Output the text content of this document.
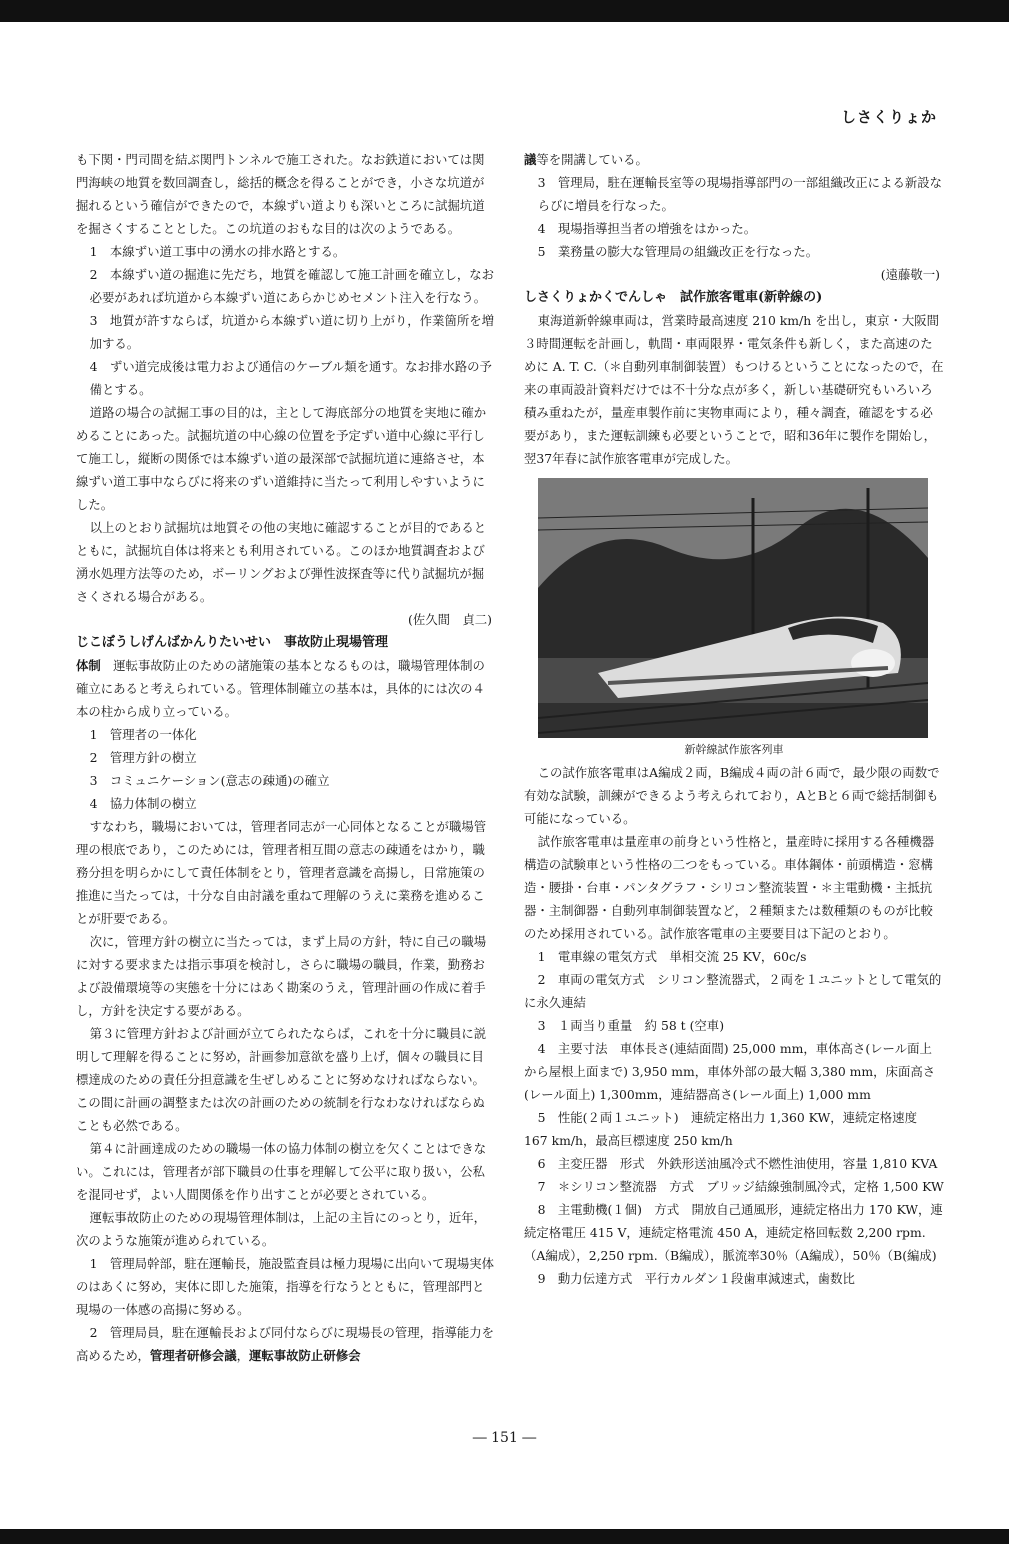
しさくりょか

も下関・門司間を結ぶ関門トンネルで施工された。なお鉄道においては関門海峡の地質を数回調査し，総括的概念を得ることができ，小さな坑道が掘れるという確信ができたので，本線ずい道よりも深いところに試掘坑道を掘さくすることとした。この坑道のおもな目的は次のようである。

1　本線ずい道工事中の湧水の排水路とする。

2　本線ずい道の掘進に先だち，地質を確認して施工計画を確立し，なお必要があれば坑道から本線ずい道にあらかじめセメント注入を行なう。

3　地質が許すならば，坑道から本線ずい道に切り上がり，作業箇所を増加する。

4　ずい道完成後は電力および通信のケーブル類を通す。なお排水路の予備とする。

道路の場合の試掘工事の目的は，主として海底部分の地質を実地に確かめることにあった。試掘坑道の中心線の位置を予定ずい道中心線に平行して施工し，縦断の関係では本線ずい道の最深部で試掘坑道に連絡させ，本線ずい道工事中ならびに将来のずい道維持に当たって利用しやすいようにした。

以上のとおり試掘坑は地質その他の実地に確認することが目的であるとともに，試掘坑自体は将来とも利用されている。このほか地質調査および湧水処理方法等のため，ボーリングおよび弾性波探査等に代り試掘坑が掘さくされる場合がある。

(佐久間　貞二)

じこぼうしげんばかんりたいせい　 事故防止現場管理

体制　 運転事故防止のための諸施策の基本となるものは，職場管理体制の確立にあると考えられている。管理体制確立の基本は，具体的には次の４本の柱から成り立っている。

1　管理者の一体化

2　管理方針の樹立

3　コミュニケーション(意志の疎通)の確立

4　協力体制の樹立

すなわち，職場においては，管理者同志が一心同体となることが職場管理の根底であり，このためには，管理者相互間の意志の疎通をはかり，職務分担を明らかにして責任体制をとり，管理者意識を高揚し，日常施策の推進に当たっては，十分な自由討議を重ねて理解のうえに業務を進めることが肝要である。

次に，管理方針の樹立に当たっては，まず上局の方針，特に自己の職場に対する要求または指示事項を検討し，さらに職場の職員，作業，勤務および設備環境等の実態を十分にはあく勘案のうえ，管理計画の作成に着手し，方針を決定する要がある。

第３に管理方針および計画が立てられたならば，これを十分に職員に説明して理解を得ることに努め，計画参加意欲を盛り上げ，個々の職員に目標達成のための責任分担意識を生ぜしめることに努めなければならない。この間に計画の調整または次の計画のための統制を行なわなければならぬことも必然である。

第４に計画達成のための職場一体の協力体制の樹立を欠くことはできない。これには，管理者が部下職員の仕事を理解して公平に取り扱い，公私を混同せず，よい人間関係を作り出すことが必要とされている。

運転事故防止のための現場管理体制は，上記の主旨にのっとり，近年，次のような施策が進められている。

1　管理局幹部，駐在運輸長，施設監査員は極力現場に出向いて現場実体のはあくに努め，実体に即した施策，指導を行なうとともに，管理部門と現場の一体感の高揚に努める。

2　管理局員，駐在運輸長および同付ならびに現場長の管理，指導能力を高めるため，管理者研修会議，運転事故防止研修会

議等を開講している。

3　管理局，駐在運輸長室等の現場指導部門の一部組織改正による新設ならびに増員を行なった。

4　現場指導担当者の増強をはかった。

5　業務量の膨大な管理局の組織改正を行なった。

(遠藤敬一)

しさくりょかくでんしゃ　 試作旅客電車(新幹線の)

東海道新幹線車両は，営業時最高速度 210 km/h を出し，東京・大阪間３時間運転を計画し，軌間・車両限界・電気条件も新しく，また高速のために A. T. C.（＊自動列車制御装置）もつけるということになったので，在来の車両設計資料だけでは不十分な点が多く，新しい基礎研究もいろいろ積み重ねたが，量産車製作前に実物車両により，種々調査，確認をする必要があり，また運転訓練も必要ということで，昭和36年に製作を開始し，翌37年春に試作旅客電車が完成した。

新幹線試作旅客列車

この試作旅客電車はA編成２両，B編成４両の計６両で，最少限の両数で有効な試験，訓練ができるよう考えられており，AとBと６両で総括制御も可能になっている。

試作旅客電車は量産車の前身という性格と，量産時に採用する各種機器構造の試験車という性格の二つをもっている。車体鋼体・前頭構造・窓構造・腰掛・台車・パンタグラフ・シリコン整流装置・＊主電動機・主抵抗器・主制御器・自動列車制御装置など，２種類または数種類のものが比較のため採用されている。試作旅客電車の主要要目は下記のとおり。

1　電車線の電気方式　単相交流 25 KV，60c/s

2　車両の電気方式　シリコン整流器式，２両を１ユニットとして電気的に永久連結

3　１両当り重量　約 58 t (空車)

4　主要寸法　車体長さ(連結面間) 25,000 mm，車体高さ(レール面上から屋根上面まで) 3,950 mm，車体外部の最大幅 3,380 mm，床面高さ(レール面上) 1,300mm，連結器高さ(レール面上) 1,000 mm

5　性能(２両１ユニット)　連続定格出力 1,360 KW，連続定格速度 167 km/h，最高巨標速度 250 km/h

6　主変圧器　形式　外鉄形送油風冷式不燃性油使用，容量 1,810 KVA

7　＊シリコン整流器　方式　ブリッジ結線強制風冷式，定格 1,500 KW

8　主電動機(１個)　方式　開放自己通風形，連続定格出力 170 KW，連続定格電圧 415 V，連続定格電流 450 A，連続定格回転数 2,200 rpm.（A編成），2,250 rpm.（B編成），脈流率30％（A編成），50％（B(編成)

9　動力伝達方式　平行カルダン１段歯車減速式，歯数比

― 151 ―
